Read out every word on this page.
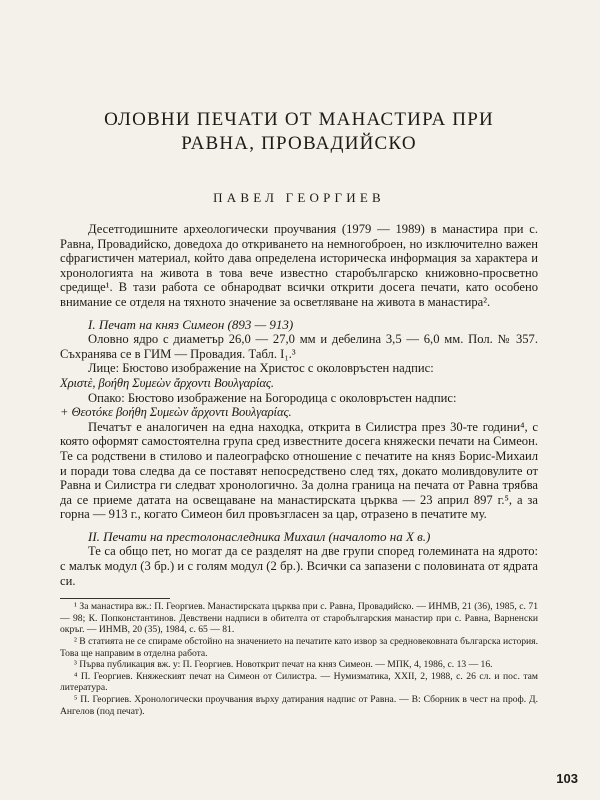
ОЛОВНИ ПЕЧАТИ ОТ МАНАСТИРА ПРИ
РАВНА, ПРОВАДИЙСКО
ПАВЕЛ ГЕОРГИЕВ

Десетгодишните археологически проучвания (1979 — 1989) в манастира при с. Равна, Провадийско, доведоха до откриването на немногоброен, но изключително важен сфрагистичен материал, който дава определена историческа информация за характера и хронологията на живота в това вече известно старобългарско книжовно-просветно средище¹. В тази работа се обнародват всички открити досега печати, като особено внимание се отделя на тяхното значение за осветляване на живота в манастира².

I. Печат на княз Симеон (893 — 913)

Оловно ядро с диаметър 26,0 — 27,0 мм и дебелина 3,5 — 6,0 мм. Пол. № 357. Съхранява се в ГИМ — Провадия. Табл. I₁.³

Лице: Бюстово изображение на Христос с околовръстен надпис:

Χριστὲ, βοήθη Συμεὼν ἄρχοντι Βουλγαρίας.

Опако: Бюстово изображение на Богородица с околовръстен надпис:

+ Θεοτόκε βοήθη Συμεὼν ἄρχοντι Βουλγαρίας.

Печатът е аналогичен на една находка, открита в Силистра през 30-те години⁴, с която оформят самостоятелна група сред известните досега княжески печати на Симеон. Те са родствени в стилово и палеографско отношение с печатите на княз Борис-Михаил и поради това следва да се поставят непосредствено след тях, докато моливдовулите от Равна и Силистра ги следват хронологично. За долна граница на печата от Равна трябва да се приеме датата на освещаване на манастирската църква — 23 април 897 г.⁵, а за горна — 913 г., когато Симеон бил провъзгласен за цар, отразено в печатите му.

II. Печати на престолонаследника Михаил (началото на X в.)

Те са общо пет, но могат да се разделят на две групи според големината на ядрото: с малък модул (3 бр.) и с голям модул (2 бр.). Всички са запазени с половината от ядрата си.

¹ За манастира вж.: П. Георгиев. Манастирската църква при с. Равна, Провадийско. — ИНМВ, 21 (36), 1985, с. 71 — 98; К. Попконстантинов. Девствени надписи в обителта от старобългарския манастир при с. Равна, Варненски окръг. — ИНМВ, 20 (35), 1984, с. 65 — 81.

² В статията не се спираме обстойно на значението на печатите като извор за средновековната българска история. Това ще направим в отделна работа.

³ Първа публикация вж. у: П. Георгиев. Новоткрит печат на княз Симеон. — МПК, 4, 1986, с. 13 — 16.

⁴ П. Георгиев. Княжеският печат на Симеон от Силистра. — Нумизматика, XXII, 2, 1988, с. 26 сл. и пос. там литература.

⁵ П. Георгиев. Хронологически проучвания върху датирания надпис от Равна. — В: Сборник в чест на проф. Д. Ангелов (под печат).

103
